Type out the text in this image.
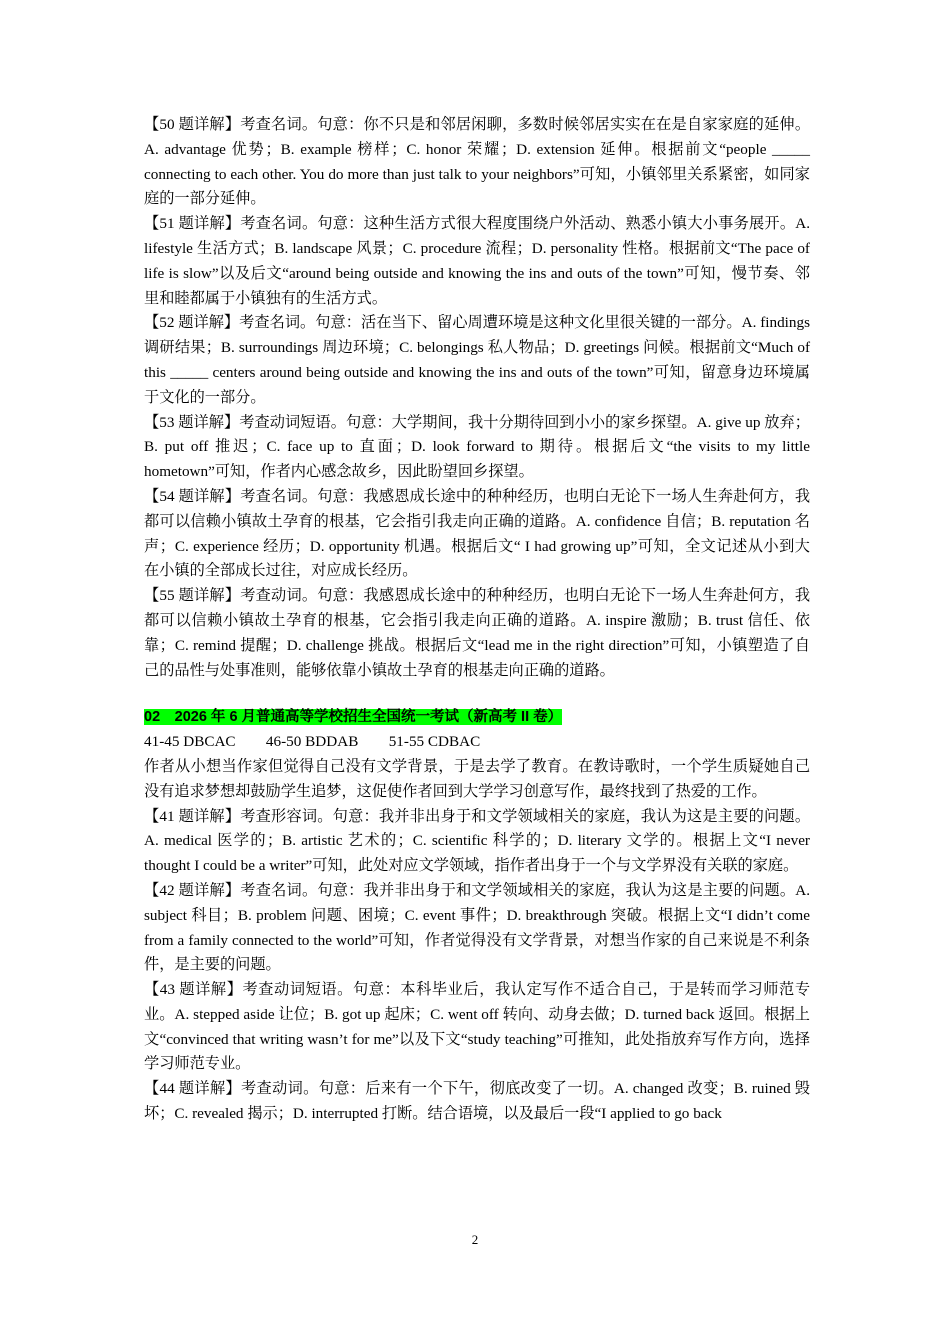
【50 题详解】考查名词。句意：你不只是和邻居闲聊，多数时候邻居实实在在是自家家庭的延伸。A. advantage 优势；B. example 榜样；C. honor 荣耀；D. extension 延伸。根据前文“people _____ connecting to each other. You do more than just talk to your neighbors”可知，小镇邻里关系紧密，如同家庭的一部分延伸。

【51 题详解】考查名词。句意：这种生活方式很大程度围绕户外活动、熟悉小镇大小事务展开。A. lifestyle 生活方式；B. landscape 风景；C. procedure 流程；D. personality 性格。根据前文“The pace of life is slow”以及后文“around being outside and knowing the ins and outs of the town”可知，慢节奏、邻里和睦都属于小镇独有的生活方式。

【52 题详解】考查名词。句意：活在当下、留心周遭环境是这种文化里很关键的一部分。A. findings 调研结果；B. surroundings 周边环境；C. belongings 私人物品；D. greetings 问候。根据前文“Much of this _____ centers around being outside and knowing the ins and outs of the town”可知，留意身边环境属于文化的一部分。

【53 题详解】考查动词短语。句意：大学期间，我十分期待回到小小的家乡探望。A. give up 放弃；B. put off 推迟；C. face up to 直面；D. look forward to 期待。根据后文“the visits to my little hometown”可知，作者内心感念故乡，因此盼望回乡探望。

【54 题详解】考查名词。句意：我感恩成长途中的种种经历，也明白无论下一场人生奔赴何方，我都可以信赖小镇故土孕育的根基，它会指引我走向正确的道路。A. confidence 自信；B. reputation 名声；C. experience 经历；D. opportunity 机遇。根据后文“ I had growing up”可知，全文记述从小到大在小镇的全部成长过往，对应成长经历。

【55 题详解】考查动词。句意：我感恩成长途中的种种经历，也明白无论下一场人生奔赴何方，我都可以信赖小镇故土孕育的根基，它会指引我走向正确的道路。A. inspire 激励；B. trust 信任、依靠；C. remind 提醒；D. challenge 挑战。根据后文“lead me in the right direction”可知，小镇塑造了自己的品性与处事准则，能够依靠小镇故土孕育的根基走向正确的道路。

02　2026 年 6 月普通高等学校招生全国统一考试（新高考 II 卷）

41-45 DBCAC        46-50 BDDAB        51-55 CDBAC

作者从小想当作家但觉得自己没有文学背景，于是去学了教育。在教诗歌时，一个学生质疑她自己没有追求梦想却鼓励学生追梦，这促使作者回到大学学习创意写作，最终找到了热爱的工作。

【41 题详解】考查形容词。句意：我并非出身于和文学领域相关的家庭，我认为这是主要的问题。A. medical 医学的；B. artistic 艺术的；C. scientific 科学的；D. literary 文学的。根据上文“I never thought I could be a writer”可知，此处对应文学领域，指作者出身于一个与文学界没有关联的家庭。

【42 题详解】考查名词。句意：我并非出身于和文学领域相关的家庭，我认为这是主要的问题。A. subject 科目；B. problem 问题、困境；C. event 事件；D. breakthrough 突破。根据上文“I didn’t come from a family connected to the world”可知，作者觉得没有文学背景，对想当作家的自己来说是不利条件，是主要的问题。

【43 题详解】考查动词短语。句意：本科毕业后，我认定写作不适合自己，于是转而学习师范专业。A. stepped aside 让位；B. got up 起床；C. went off 转向、动身去做；D. turned back 返回。根据上文“convinced that writing wasn’t for me”以及下文“study teaching”可推知，此处指放弃写作方向，选择学习师范专业。

【44 题详解】考查动词。句意：后来有一个下午，彻底改变了一切。A. changed 改变；B. ruined 毁坏；C. revealed 揭示；D. interrupted 打断。结合语境，以及最后一段“I applied to go back

2
